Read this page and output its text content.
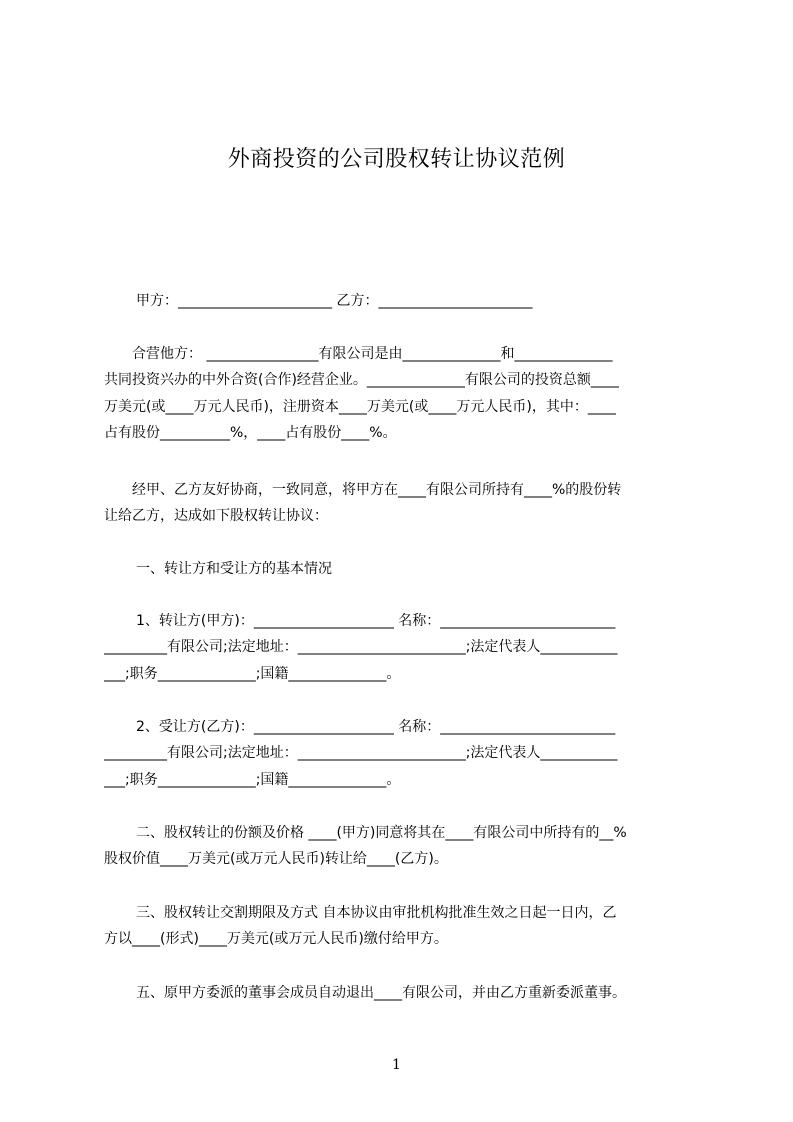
外商投资的公司股权转让协议范例
甲方：______________________ 乙方：______________________
合营他方： ________________有限公司是由______________和______________
共同投资兴办的中外合资(合作)经营企业。______________有限公司的投资总额____
万美元(或____万元人民币)，注册资本____万美元(或____万元人民币)，其中：____
占有股份__________%，____占有股份____%。
经甲、乙方友好协商，一致同意，将甲方在____有限公司所持有____%的股份转
让给乙方，达成如下股权转让协议：
一、转让方和受让方的基本情况
1、转让方(甲方)：____________________ 名称：_________________________
_________有限公司;法定地址：________________________;法定代表人___________
___;职务______________;国籍______________。
2、受让方(乙方)：____________________ 名称：_________________________
_________有限公司;法定地址：________________________;法定代表人___________
___;职务______________;国籍______________。
二、股权转让的份额及价格 ____(甲方)同意将其在____有限公司中所持有的__%
股权价值____万美元(或万元人民币)转让给____(乙方)。
三、股权转让交割期限及方式 自本协议由审批机构批准生效之日起一日内，乙
方以____(形式)____万美元(或万元人民币)缴付给甲方。
五、原甲方委派的董事会成员自动退出____有限公司，并由乙方重新委派董事。
1
